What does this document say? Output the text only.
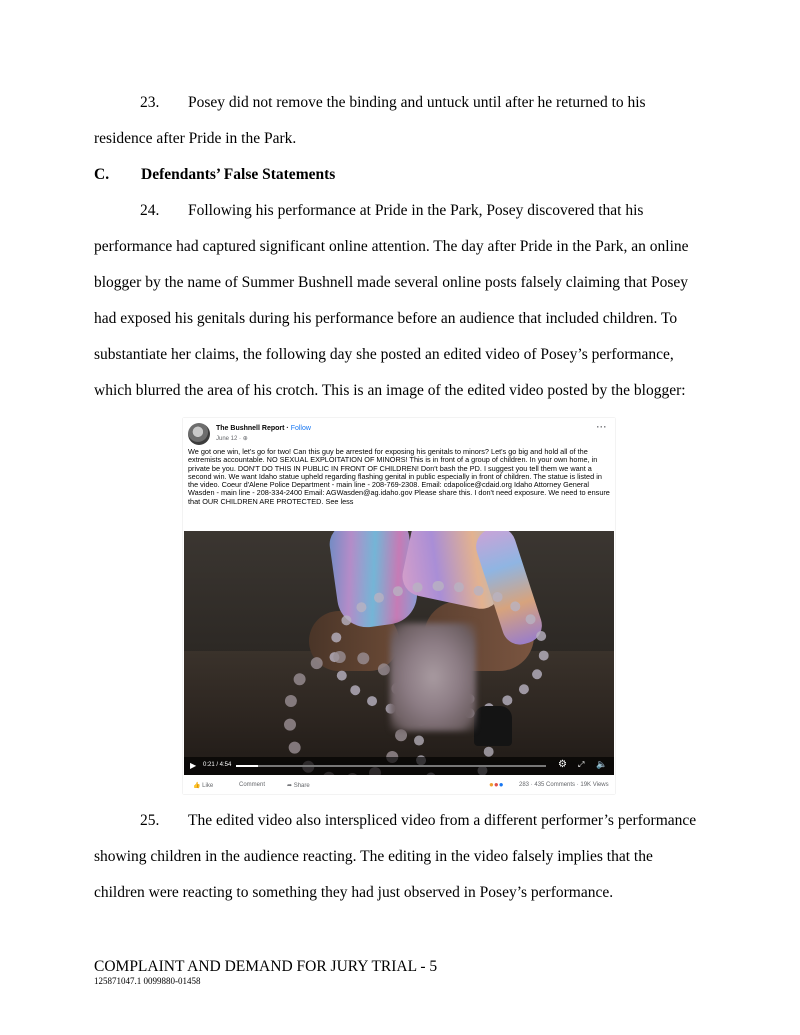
23. Posey did not remove the binding and untuck until after he returned to his
residence after Pride in the Park.
C. Defendants’ False Statements
24. Following his performance at Pride in the Park, Posey discovered that his
performance had captured significant online attention. The day after Pride in the Park, an online
blogger by the name of Summer Bushnell made several online posts falsely claiming that Posey
had exposed his genitals during his performance before an audience that included children. To
substantiate her claims, the following day she posted an edited video of Posey’s performance,
which blurred the area of his crotch. This is an image of the edited video posted by the blogger:
The Bushnell Report · Follow
June 12 · ⊕
···
We got one win, let's go for two! Can this guy be arrested for exposing his genitals to minors? Let's go big and hold all of the extremists accountable. NO SEXUAL EXPLOITATION OF MINORS! This is in front of a group of children. In your own home, in private be you. DON'T DO THIS IN PUBLIC IN FRONT OF CHILDREN! Don't bash the PD. I suggest you tell them we want a second win. We want Idaho statue upheld regarding flashing genital in public especially in front of children. The statue is listed in the video. Coeur d'Alene Police Department - main line - 208-769-2308. Email: cdapolice@cdaid.org Idaho Attorney General Wasden - main line - 208-334-2400 Email: AGWasden@ag.idaho.gov Please share this. I don't need exposure. We need to ensure that OUR CHILDREN ARE PROTECTED. See less
▶ 0:21 / 4:54	⚙ ⤢ 🔈
👍 Like	Comment	➦ Share	●●●	283 · 435 Comments · 19K Views
25. The edited video also interspliced video from a different performer’s performance
showing children in the audience reacting. The editing in the video falsely implies that the
children were reacting to something they had just observed in Posey’s performance.
COMPLAINT AND DEMAND FOR JURY TRIAL - 5
125871047.1 0099880-01458
